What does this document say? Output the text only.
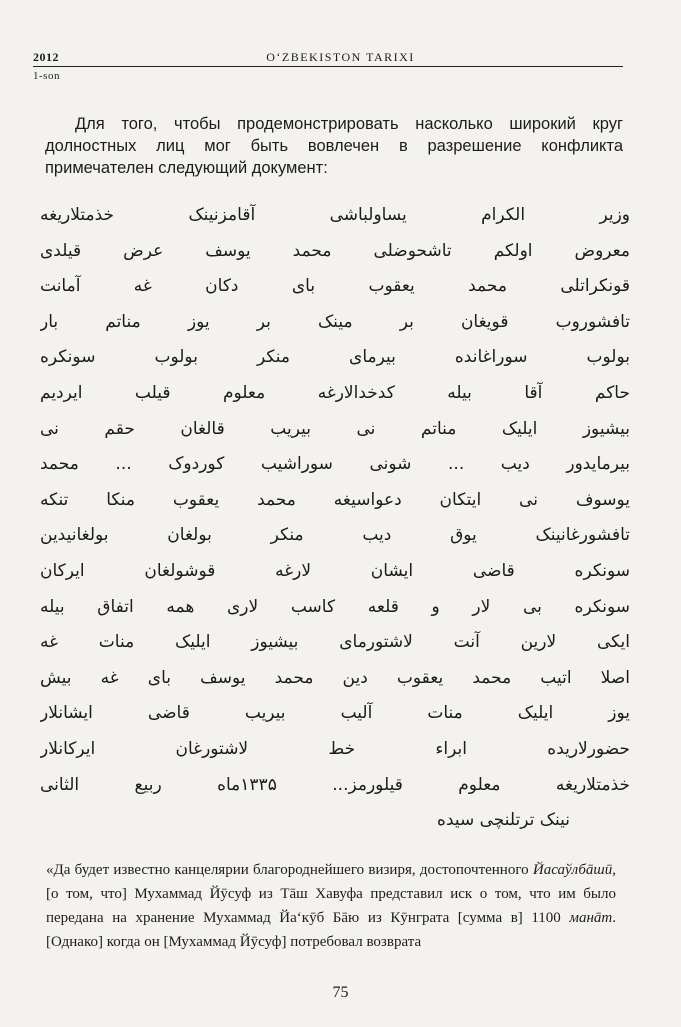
2012	O‘ZBEKISTON TARIXI
1-son

Для того, чтобы продемонстрировать насколько широкий круг долностных лиц мог быть вовлечен в разрешение конфликта примечателен следующий документ:

وزیر الکرام یساولباشی آقامزنینک خذمتلاریغه
معروض اولکم تاشحوضلی محمد یوسف عرض قیلدی
قونکراتلی محمد یعقوب بای دکان غه آمانت
تافشوروب قویغان بر مینک بر یوز مناتم بار
بولوب سوراغانده بیرمای منکر بولوب سونکره
حاکم آقا بیله کدخدالارغه معلوم قیلب ایردیم
بیشیوز ایلیک مناتم نی بیریب قالغان حقم نی
بیرمایدور دیب ... شونی سوراشیب کوردوک ... محمد
یوسوف نی ایتکان دعواسیغه محمد یعقوب منکا تنکه
تافشورغانینک یوق دیب منکر بولغان بولغانیدین
سونکره قاضی ایشان لارغه قوشولغان ایرکان
سونکره بی لار و قلعه کاسب لاری همه اتفاق بیله
ایکی لارین آنت لاشتورمای بیشیوز ایلیک منات غه
اصلا اتیب محمد یعقوب دین محمد یوسف بای غه بیش
یوز ایلیک منات آلیب بیریب قاضی ایشانلار
حضورلاریده ابراء خط لاشتورغان ایرکانلار
خذمتلاریغه معلوم قیلورمز... ۱۳۳۵ماه ربیع الثانی
نینک ترتلنچی سیده

«Да будет известно канцелярии благороднейшего визиря, достопочтенного Йасаўлбāшӣ, [о том, что] Мухаммад Йӯсуф из Тāш Хавуфа представил иск о том, что им было передана на хранение Мухаммад Йа‘кӯб Бāю из Кӯнграта [сумма в] 1100 манāт. [Однако] когда он [Мухаммад Йӯсуф] потребовал возврата

75
